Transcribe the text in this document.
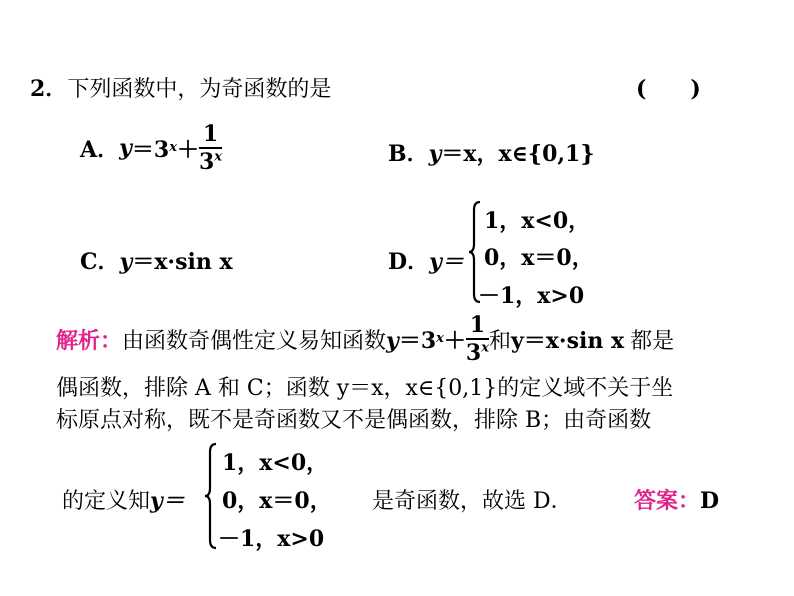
2．下列函数中，为奇函数的是	(　　)
A． y ＝3 $x + \frac{1}{3^x}$	B．y＝x，x∈{0,1}
C．y＝x·sin x	D．y＝
1，x<0，
0，x＝0，
－1，x>0
解析： 由函数奇偶性定义易知函数 y＝3 $x + \frac{1}{3^x}$ 和 y＝x·sin x 都是
偶函数，排除 A 和 C；函数 y＝x，x∈{0,1}的定义域不关于坐
标原点对称，既不是奇函数又不是偶函数，排除 B；由奇函数
的定义知y＝
1，x<0，
0，x＝0，
－1，x>0
是奇函数，故选 D．	答案：D
